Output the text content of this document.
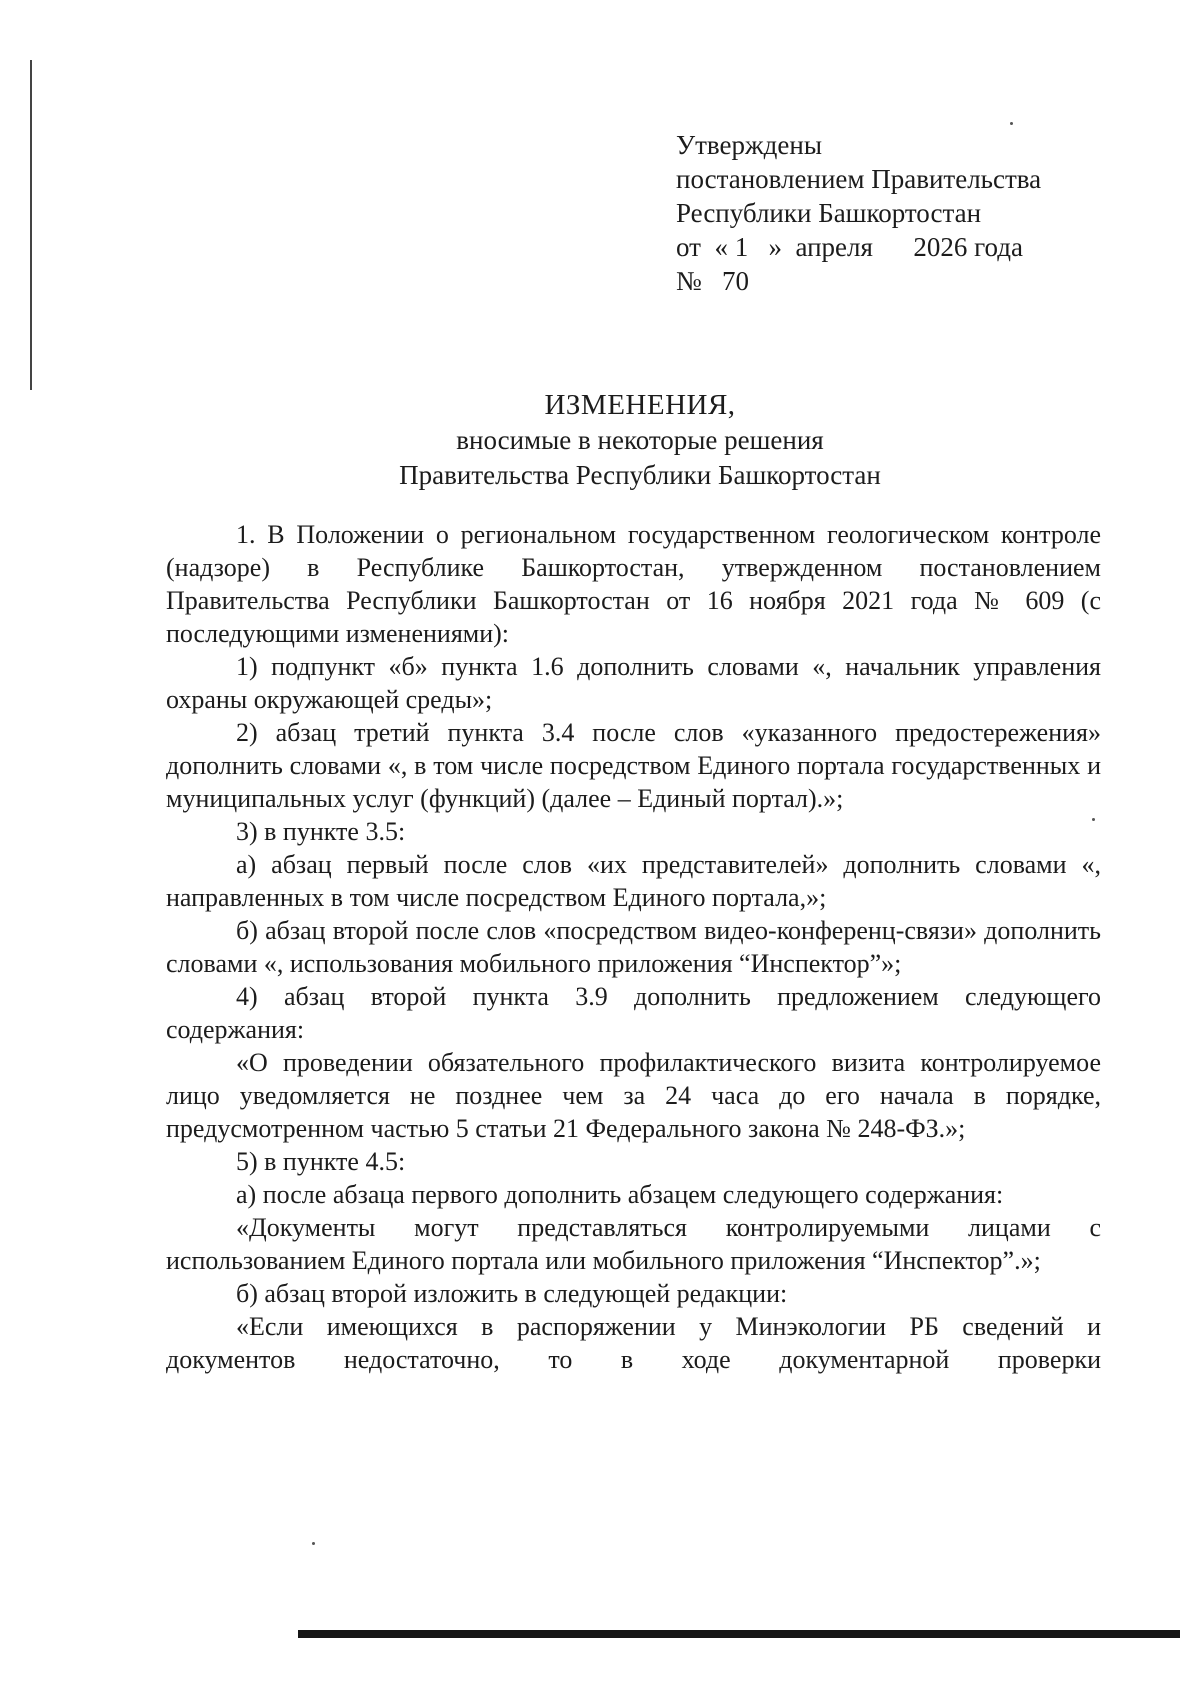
Утверждены
постановлением Правительства
Республики Башкортостан
от  « 1   »  апреля      2026 года
№   70
ИЗМЕНЕНИЯ,
вносимые в некоторые решения
Правительства Республики Башкортостан

1. В Положении о региональном государственном геологическом контроле (надзоре) в Республике Башкортостан, утвержденном постановлением Правительства Республики Башкортостан от 16 ноября 2021 года № 609 (с последующими изменениями):

1) подпункт «б» пункта 1.6 дополнить словами «, начальник управления охраны окружающей среды»;

2) абзац третий пункта 3.4 после слов «указанного предостережения» дополнить словами «, в том числе посредством Единого портала государственных и муниципальных услуг (функций) (далее – Единый портал).»;

3) в пункте 3.5:

а) абзац первый после слов «их представителей» дополнить словами «, направленных в том числе посредством Единого портала,»;

б) абзац второй после слов «посредством видео-конференц-связи» дополнить словами «, использования мобильного приложения “Инспектор”»;

4) абзац второй пункта 3.9 дополнить предложением следующего содержания:

«О проведении обязательного профилактического визита контролируемое лицо уведомляется не позднее чем за 24 часа до его начала в порядке, предусмотренном частью 5 статьи 21 Федерального закона № 248-ФЗ.»;

5) в пункте 4.5:

а) после абзаца первого дополнить абзацем следующего содержания:

«Документы могут представляться контролируемыми лицами с использованием Единого портала или мобильного приложения “Инспектор”.»;

б) абзац второй изложить в следующей редакции:

«Если имеющихся в распоряжении у Минэкологии РБ сведений и документов недостаточно, то в ходе документарной проверки
